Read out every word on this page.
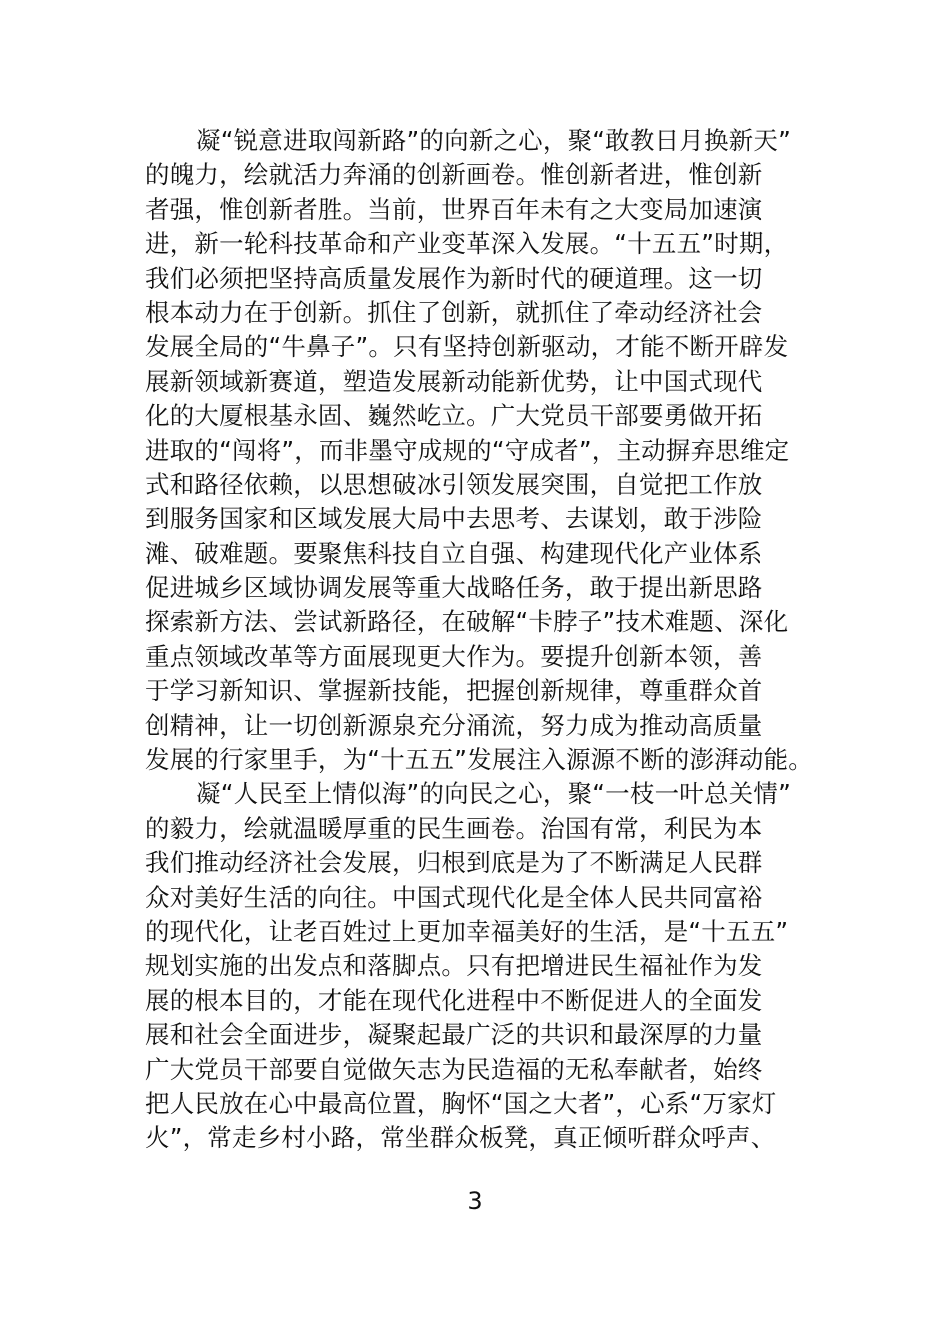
凝“锐意进取闯新路”的向新之心，聚“敢教日月换新天”
的魄力，绘就活力奔涌的创新画卷。惟创新者进，惟创新
者强，惟创新者胜。当前，世界百年未有之大变局加速演
进，新一轮科技革命和产业变革深入发展。“十五五”时期，
我们必须把坚持高质量发展作为新时代的硬道理。这一切
根本动力在于创新。抓住了创新，就抓住了牵动经济社会
发展全局的“牛鼻子”。只有坚持创新驱动，才能不断开辟发
展新领域新赛道，塑造发展新动能新优势，让中国式现代
化的大厦根基永固、巍然屹立。广大党员干部要勇做开拓
进取的“闯将”，而非墨守成规的“守成者”，主动摒弃思维定
式和路径依赖，以思想破冰引领发展突围，自觉把工作放
到服务国家和区域发展大局中去思考、去谋划，敢于涉险
滩、破难题。要聚焦科技自立自强、构建现代化产业体系
促进城乡区域协调发展等重大战略任务，敢于提出新思路
探索新方法、尝试新路径，在破解“卡脖子”技术难题、深化
重点领域改革等方面展现更大作为。要提升创新本领，善
于学习新知识、掌握新技能，把握创新规律，尊重群众首
创精神，让一切创新源泉充分涌流，努力成为推动高质量
发展的行家里手，为“十五五”发展注入源源不断的澎湃动能。
凝“人民至上情似海”的向民之心，聚“一枝一叶总关情”
的毅力，绘就温暖厚重的民生画卷。治国有常，利民为本
我们推动经济社会发展，归根到底是为了不断满足人民群
众对美好生活的向往。中国式现代化是全体人民共同富裕
的现代化，让老百姓过上更加幸福美好的生活，是“十五五”
规划实施的出发点和落脚点。只有把增进民生福祉作为发
展的根本目的，才能在现代化进程中不断促进人的全面发
展和社会全面进步，凝聚起最广泛的共识和最深厚的力量
广大党员干部要自觉做矢志为民造福的无私奉献者，始终
把人民放在心中最高位置，胸怀“国之大者”，心系“万家灯
火”，常走乡村小路，常坐群众板凳，真正倾听群众呼声、
3
